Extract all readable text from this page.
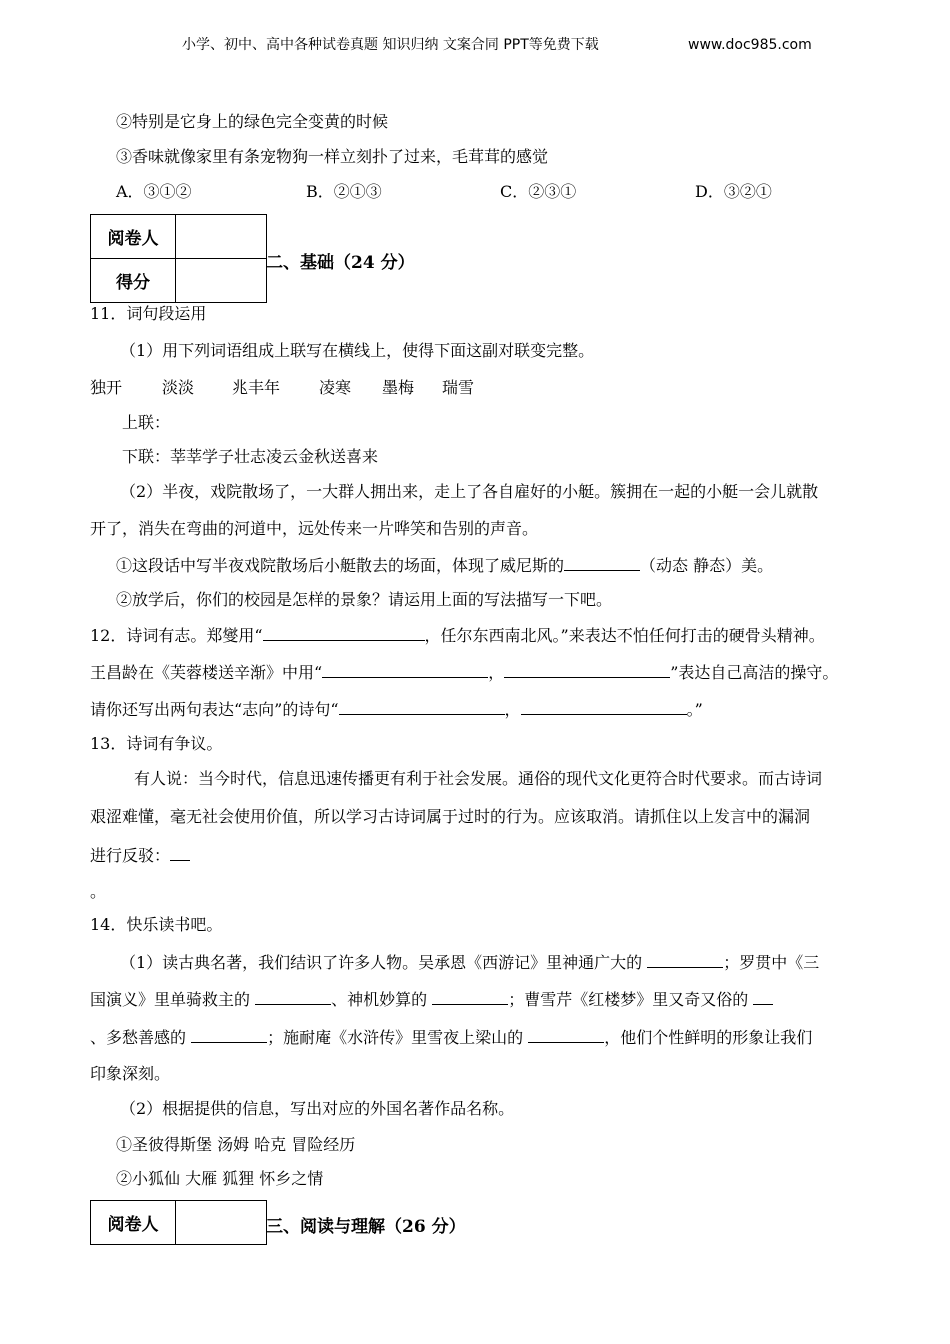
小学、初中、高中各种试卷真题 知识归纳 文案合同 PPT等免费下载	www.doc985.com
②特别是它身上的绿色完全变黄的时候
③香味就像家里有条宠物狗一样立刻扑了过来，毛茸茸的感觉
A．③①②	B．②①③	C．②③①	D．③②①
阅卷人	
得分	
二、基础（24 分）
11．词句段运用
（1）用下列词语组成上联写在横线上，使得下面这副对联变完整。
独开 淡淡 兆丰年 凌寒 墨梅 瑞雪
上联：
下联：莘莘学子壮志凌云金秋送喜来
（2）半夜，戏院散场了，一大群人拥出来，走上了各自雇好的小艇。簇拥在一起的小艇一会儿就散
开了，消失在弯曲的河道中，远处传来一片哗笑和告别的声音。
①这段话中写半夜戏院散场后小艇散去的场面，体现了威尼斯的	（动态 静态）美。
②放学后，你们的校园是怎样的景象？请运用上面的写法描写一下吧。
12．诗词有志。郑燮用“	，任尔东西南北风。”来表达不怕任何打击的硬骨头精神。
王昌龄在《芙蓉楼送辛渐》中用“	，	”表达自己高洁的操守。
请你还写出两句表达“志向”的诗句“	，	。”
13．诗词有争议。
有人说：当今时代，信息迅速传播更有利于社会发展。通俗的现代文化更符合时代要求。而古诗词
艰涩难懂，毫无社会使用价值，所以学习古诗词属于过时的行为。应该取消。请抓住以上发言中的漏洞
进行反驳：
。
14．快乐读书吧。
（1）读古典名著，我们结识了许多人物。吴承恩《西游记》里神通广大的	；罗贯中《三
国演义》里单骑救主的	、神机妙算的	；曹雪芹《红楼梦》里又奇又俗的
、多愁善感的	；施耐庵《水浒传》里雪夜上梁山的	，他们个性鲜明的形象让我们
印象深刻。
（2）根据提供的信息，写出对应的外国名著作品名称。
①圣彼得斯堡 汤姆 哈克 冒险经历
②小狐仙 大雁 狐狸 怀乡之情
阅卷人		三、阅读与理解（26 分）
